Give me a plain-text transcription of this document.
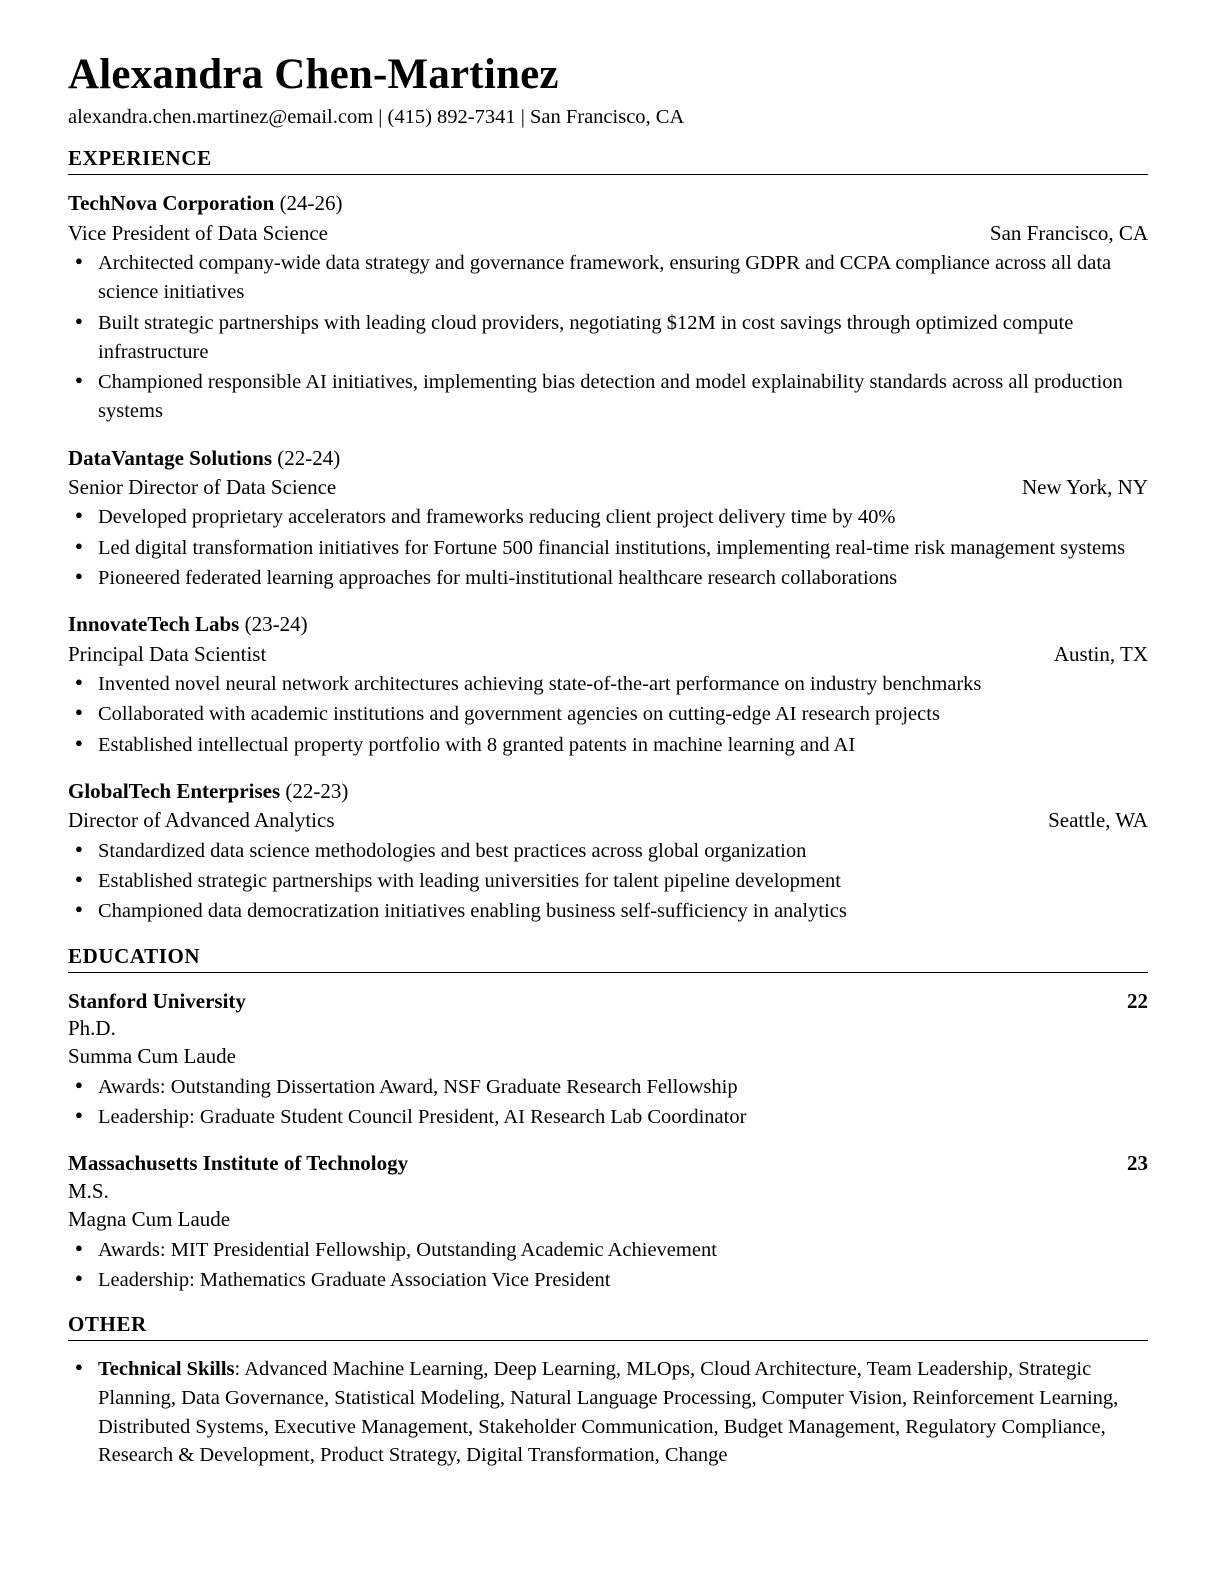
Alexandra Chen-Martinez
alexandra.chen.martinez@email.com | (415) 892-7341 | San Francisco, CA
EXPERIENCE
TechNova Corporation (24-26)
Vice President of Data Science	San Francisco, CA
● Architected company-wide data strategy and governance framework, ensuring GDPR and CCPA compliance across all data science initiatives
● Built strategic partnerships with leading cloud providers, negotiating $12M in cost savings through optimized compute infrastructure
● Championed responsible AI initiatives, implementing bias detection and model explainability standards across all production systems
DataVantage Solutions (22-24)
Senior Director of Data Science	New York, NY
● Developed proprietary accelerators and frameworks reducing client project delivery time by 40%
● Led digital transformation initiatives for Fortune 500 financial institutions, implementing real-time risk management systems
● Pioneered federated learning approaches for multi-institutional healthcare research collaborations
InnovateTech Labs (23-24)
Principal Data Scientist	Austin, TX
● Invented novel neural network architectures achieving state-of-the-art performance on industry benchmarks
● Collaborated with academic institutions and government agencies on cutting-edge AI research projects
● Established intellectual property portfolio with 8 granted patents in machine learning and AI
GlobalTech Enterprises (22-23)
Director of Advanced Analytics	Seattle, WA
● Standardized data science methodologies and best practices across global organization
● Established strategic partnerships with leading universities for talent pipeline development
● Championed data democratization initiatives enabling business self-sufficiency in analytics
EDUCATION
Stanford University	22
Ph.D.
Summa Cum Laude
● Awards: Outstanding Dissertation Award, NSF Graduate Research Fellowship
● Leadership: Graduate Student Council President, AI Research Lab Coordinator
Massachusetts Institute of Technology	23
M.S.
Magna Cum Laude
● Awards: MIT Presidential Fellowship, Outstanding Academic Achievement
● Leadership: Mathematics Graduate Association Vice President
OTHER
● Technical Skills: Advanced Machine Learning, Deep Learning, MLOps, Cloud Architecture, Team Leadership, Strategic Planning, Data Governance, Statistical Modeling, Natural Language Processing, Computer Vision, Reinforcement Learning, Distributed Systems, Executive Management, Stakeholder Communication, Budget Management, Regulatory Compliance, Research & Development, Product Strategy, Digital Transformation, Change
